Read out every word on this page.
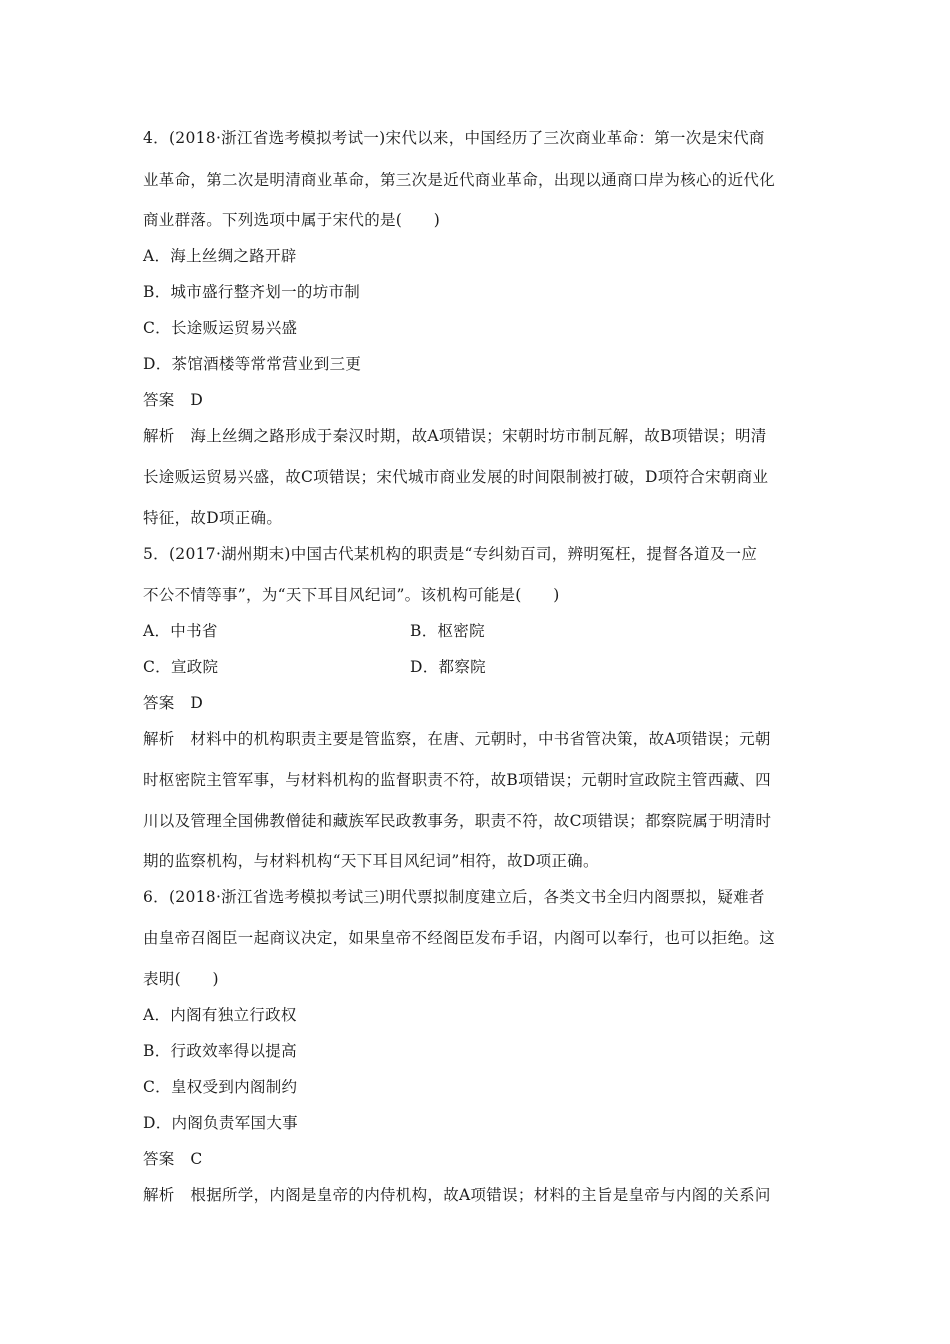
4．(2018·浙江省选考模拟考试一)宋代以来，中国经历了三次商业革命：第一次是宋代商
业革命，第二次是明清商业革命，第三次是近代商业革命，出现以通商口岸为核心的近代化
商业群落。下列选项中属于宋代的是(　　)
A．海上丝绸之路开辟
B．城市盛行整齐划一的坊市制
C．长途贩运贸易兴盛
D．茶馆酒楼等常常营业到三更
答案　D
解析　海上丝绸之路形成于秦汉时期，故A项错误；宋朝时坊市制瓦解，故B项错误；明清
长途贩运贸易兴盛，故C项错误；宋代城市商业发展的时间限制被打破，D项符合宋朝商业
特征，故D项正确。
5．(2017·湖州期末)中国古代某机构的职责是“专纠劾百司，辨明冤枉，提督各道及一应
不公不情等事”，为“天下耳目风纪词”。该机构可能是(　　)
A．中书省	B．枢密院
C．宣政院	D．都察院
答案　D
解析　材料中的机构职责主要是管监察，在唐、元朝时，中书省管决策，故A项错误；元朝
时枢密院主管军事，与材料机构的监督职责不符，故B项错误；元朝时宣政院主管西藏、四
川以及管理全国佛教僧徒和藏族军民政教事务，职责不符，故C项错误；都察院属于明清时
期的监察机构，与材料机构“天下耳目风纪词”相符，故D项正确。
6．(2018·浙江省选考模拟考试三)明代票拟制度建立后，各类文书全归内阁票拟，疑难者
由皇帝召阁臣一起商议决定，如果皇帝不经阁臣发布手诏，内阁可以奉行，也可以拒绝。这
表明(　　)
A．内阁有独立行政权
B．行政效率得以提高
C．皇权受到内阁制约
D．内阁负责军国大事
答案　C
解析　根据所学，内阁是皇帝的内侍机构，故A项错误；材料的主旨是皇帝与内阁的关系问
